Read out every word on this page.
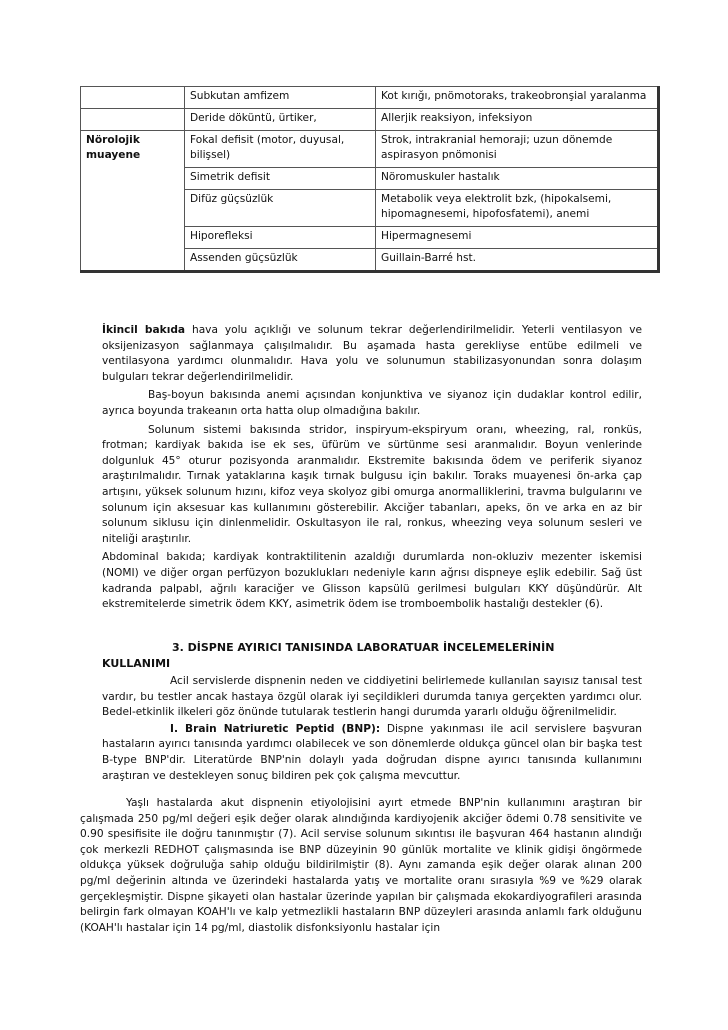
	Subkutan amfizem	Kot kırığı, pnömotoraks, trakeobronşial yaralanma
	Deride döküntü, ürtiker,	Allerjik reaksiyon, infeksiyon
Nörolojik muayene	Fokal defisit (motor, duyusal, bilişsel)	Strok, intrakranial hemoraji; uzun dönemde aspirasyon pnömonisi
	Simetrik defisit	Nöromuskuler hastalık
	Difüz güçsüzlük	Metabolik veya elektrolit bzk, (hipokalsemi, hipomagnesemi, hipofosfatemi), anemi
	Hiporefleksi	Hipermagnesemi
	Assenden güçsüzlük	Guillain-Barré hst.

İkincil bakıda hava yolu açıklığı ve solunum tekrar değerlendirilmelidir. Yeterli ventilasyon ve oksijenizasyon sağlanmaya çalışılmalıdır. Bu aşamada hasta gerekliyse entübe edilmeli ve ventilasyona yardımcı olunmalıdır. Hava yolu ve solunumun stabilizasyonundan sonra dolaşım bulguları tekrar değerlendirilmelidir.

Baş-boyun bakısında anemi açısından konjunktiva ve siyanoz için dudaklar kontrol edilir, ayrıca boyunda trakeanın orta hatta olup olmadığına bakılır.

Solunum sistemi bakısında stridor, inspiryum-ekspiryum oranı, wheezing, ral, ronküs, frotman; kardiyak bakıda ise ek ses, üfürüm ve sürtünme sesi aranmalıdır. Boyun venlerinde dolgunluk 45° oturur pozisyonda aranmalıdır. Ekstremite bakısında ödem ve periferik siyanoz araştırılmalıdır. Tırnak yataklarına kaşık tırnak bulgusu için bakılır. Toraks muayenesi ön-arka çap artışını, yüksek solunum hızını, kifoz veya skolyoz gibi omurga anormalliklerini, travma bulgularını ve solunum için aksesuar kas kullanımını gösterebilir. Akciğer tabanları, apeks, ön ve arka en az bir solunum siklusu için dinlenmelidir. Oskultasyon ile ral, ronkus, wheezing veya solunum sesleri ve niteliği araştırılır.

Abdominal bakıda; kardiyak kontraktilitenin azaldığı durumlarda non-okluziv mezenter iskemisi (NOMI) ve diğer organ perfüzyon bozuklukları nedeniyle karın ağrısı dispneye eşlik edebilir. Sağ üst kadranda palpabl, ağrılı karaciğer ve Glisson kapsülü gerilmesi bulguları KKY düşündürür. Alt ekstremitelerde simetrik ödem KKY, asimetrik ödem ise tromboembolik hastalığı destekler (6).

3. DİSPNE AYIRICI TANISINDA LABORATUAR İNCELEMELERİNİN
KULLANIMI

Acil servislerde dispnenin neden ve ciddiyetini belirlemede kullanılan sayısız tanısal test vardır, bu testler ancak hastaya özgül olarak iyi seçildikleri durumda tanıya gerçekten yardımcı olur. Bedel-etkinlik ilkeleri göz önünde tutularak testlerin hangi durumda yararlı olduğu öğrenilmelidir.

I. Brain Natriuretic Peptid (BNP): Dispne yakınması ile acil servislere başvuran hastaların ayırıcı tanısında yardımcı olabilecek ve son dönemlerde oldukça güncel olan bir başka test B-type BNP'dir. Literatürde BNP'nin dolaylı yada doğrudan dispne ayırıcı tanısında kullanımını araştıran ve destekleyen sonuç bildiren pek çok çalışma mevcuttur.

Yaşlı hastalarda akut dispnenin etiyolojisini ayırt etmede BNP'nin kullanımını araştıran bir çalışmada 250 pg/ml değeri eşik değer olarak alındığında kardiyojenik akciğer ödemi 0.78 sensitivite ve 0.90 spesifisite ile doğru tanınmıştır (7). Acil servise solunum sıkıntısı ile başvuran 464 hastanın alındığı çok merkezli REDHOT çalışmasında ise BNP düzeyinin 90 günlük mortalite ve klinik gidişi öngörmede oldukça yüksek doğruluğa sahip olduğu bildirilmiştir (8). Aynı zamanda eşik değer olarak alınan 200 pg/ml değerinin altında ve üzerindeki hastalarda yatış ve mortalite oranı sırasıyla %9 ve %29 olarak gerçekleşmiştir. Dispne şikayeti olan hastalar üzerinde yapılan bir çalışmada ekokardiyografileri arasında belirgin fark olmayan KOAH'lı ve kalp yetmezlikli hastaların BNP düzeyleri arasında anlamlı fark olduğunu (KOAH'lı hastalar için 14 pg/ml, diastolik disfonksiyonlu hastalar için
